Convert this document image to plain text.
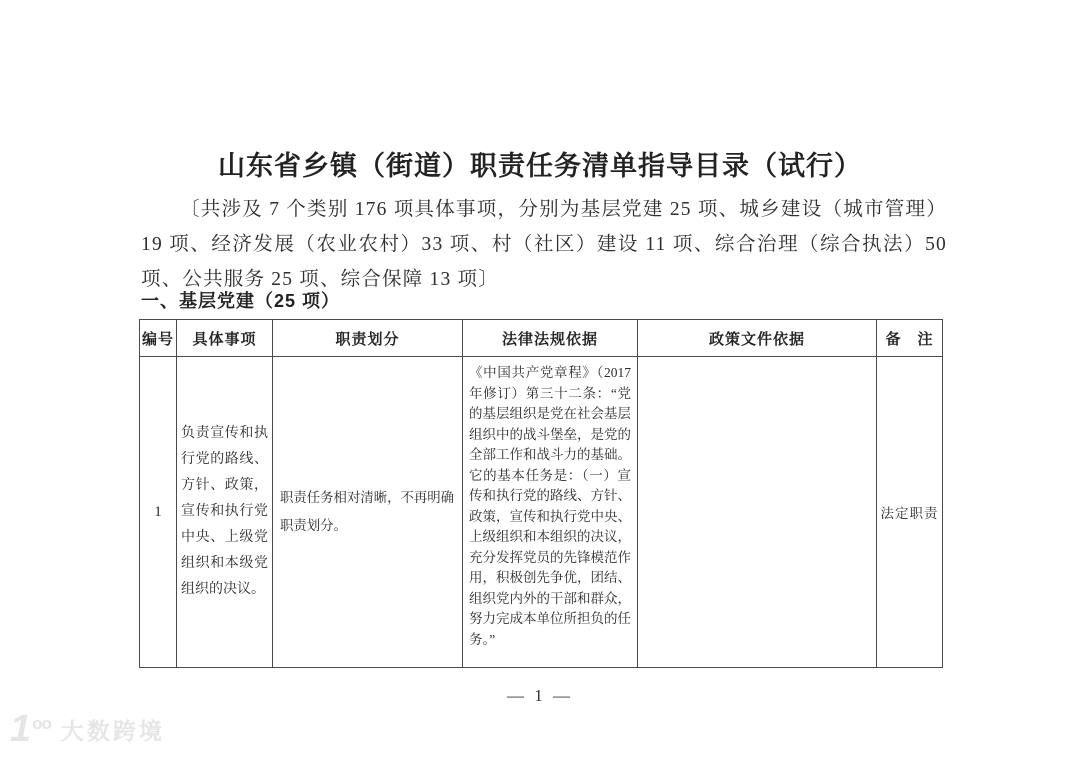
山东省乡镇（街道）职责任务清单指导目录（试行）

〔共涉及 7 个类别 176 项具体事项，分别为基层党建 25 项、城乡建设（城市管理）19 项、经济发展（农业农村）33 项、村（社区）建设 11 项、综合治理（综合执法）50 项、公共服务 25 项、综合保障 13 项〕

一、基层党建（25 项）
编号	具体事项	职责划分	法律法规依据	政策文件依据	备　注
1	负责宣传和执行党的路线、方针、政策，宣传和执行党中央、上级党组织和本级党组织的决议。	职责任务相对清晰，不再明确职责划分。	《中国共产党章程》（2017年修订）第三十二条：“党的基层组织是党在社会基层组织中的战斗堡垒，是党的全部工作和战斗力的基础。它的基本任务是：（一）宣传和执行党的路线、方针、政策，宣传和执行党中央、上级组织和本组织的决议，充分发挥党员的先锋模范作用，积极创先争优，团结、组织党内外的干部和群众，努力完成本单位所担负的任务。”		法定职责
— 1 —
1 oo 大数跨境
